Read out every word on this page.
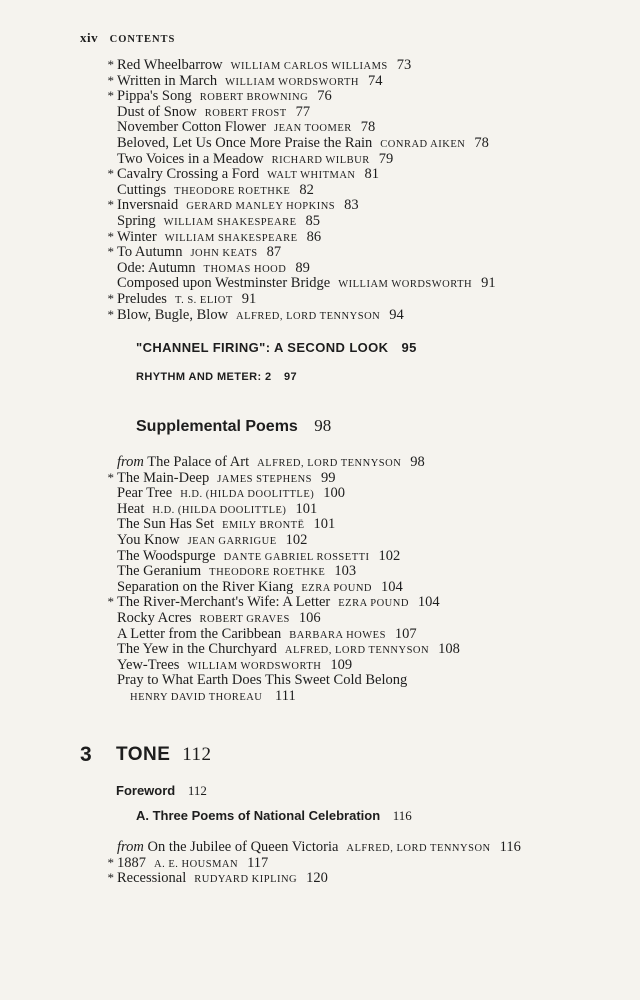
xiv CONTENTS
* Red Wheelbarrow WILLIAM CARLOS WILLIAMS 73
* Written in March WILLIAM WORDSWORTH 74
* Pippa's Song ROBERT BROWNING 76
Dust of Snow ROBERT FROST 77
November Cotton Flower JEAN TOOMER 78
Beloved, Let Us Once More Praise the Rain CONRAD AIKEN 78
Two Voices in a Meadow RICHARD WILBUR 79
* Cavalry Crossing a Ford WALT WHITMAN 81
Cuttings THEODORE ROETHKE 82
* Inversnaid GERARD MANLEY HOPKINS 83
Spring WILLIAM SHAKESPEARE 85
* Winter WILLIAM SHAKESPEARE 86
* To Autumn JOHN KEATS 87
Ode: Autumn THOMAS HOOD 89
Composed upon Westminster Bridge WILLIAM WORDSWORTH 91
* Preludes T. S. ELIOT 91
* Blow, Bugle, Blow ALFRED, LORD TENNYSON 94
"CHANNEL FIRING": A SECOND LOOK 95
RHYTHM AND METER: 2 97
Supplemental Poems 98
from The Palace of Art ALFRED, LORD TENNYSON 98
* The Main-Deep JAMES STEPHENS 99
Pear Tree H.D. (HILDA DOOLITTLE) 100
Heat H.D. (HILDA DOOLITTLE) 101
The Sun Has Set EMILY BRONTË 101
You Know JEAN GARRIGUE 102
The Woodspurge DANTE GABRIEL ROSSETTI 102
The Geranium THEODORE ROETHKE 103
Separation on the River Kiang EZRA POUND 104
* The River-Merchant's Wife: A Letter EZRA POUND 104
Rocky Acres ROBERT GRAVES 106
A Letter from the Caribbean BARBARA HOWES 107
The Yew in the Churchyard ALFRED, LORD TENNYSON 108
Yew-Trees WILLIAM WORDSWORTH 109
Pray to What Earth Does This Sweet Cold Belong
HENRY DAVID THOREAU 111
3 TONE 112
Foreword 112
A. Three Poems of National Celebration 116
from On the Jubilee of Queen Victoria ALFRED, LORD TENNYSON 116
* 1887 A. E. HOUSMAN 117
* Recessional RUDYARD KIPLING 120
